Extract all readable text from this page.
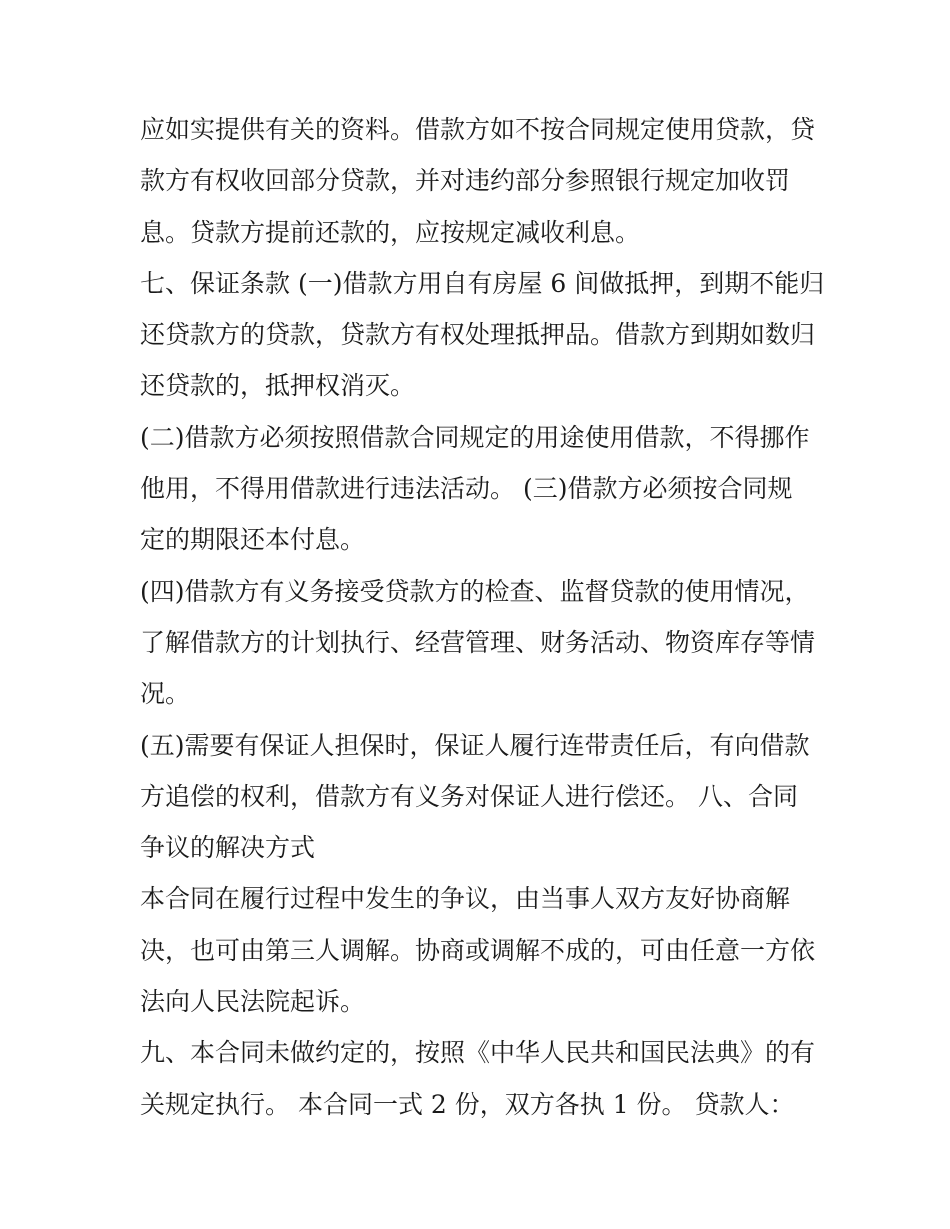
应如实提供有关的资料。借款方如不按合同规定使用贷款，贷
款方有权收回部分贷款，并对违约部分参照银行规定加收罚
息。贷款方提前还款的，应按规定减收利息。
七、保证条款 (一)借款方用自有房屋 6 间做抵押，到期不能归
还贷款方的贷款，贷款方有权处理抵押品。借款方到期如数归
还贷款的，抵押权消灭。
(二)借款方必须按照借款合同规定的用途使用借款，不得挪作
他用，不得用借款进行违法活动。 (三)借款方必须按合同规
定的期限还本付息。
(四)借款方有义务接受贷款方的检查、监督贷款的使用情况，
了解借款方的计划执行、经营管理、财务活动、物资库存等情
况。
(五)需要有保证人担保时，保证人履行连带责任后，有向借款
方追偿的权利，借款方有义务对保证人进行偿还。 八、合同
争议的解决方式
本合同在履行过程中发生的争议，由当事人双方友好协商解
决，也可由第三人调解。协商或调解不成的，可由任意一方依
法向人民法院起诉。
九、本合同未做约定的，按照《中华人民共和国民法典》的有
关规定执行。 本合同一式 2 份，双方各执 1 份。 贷款人：
